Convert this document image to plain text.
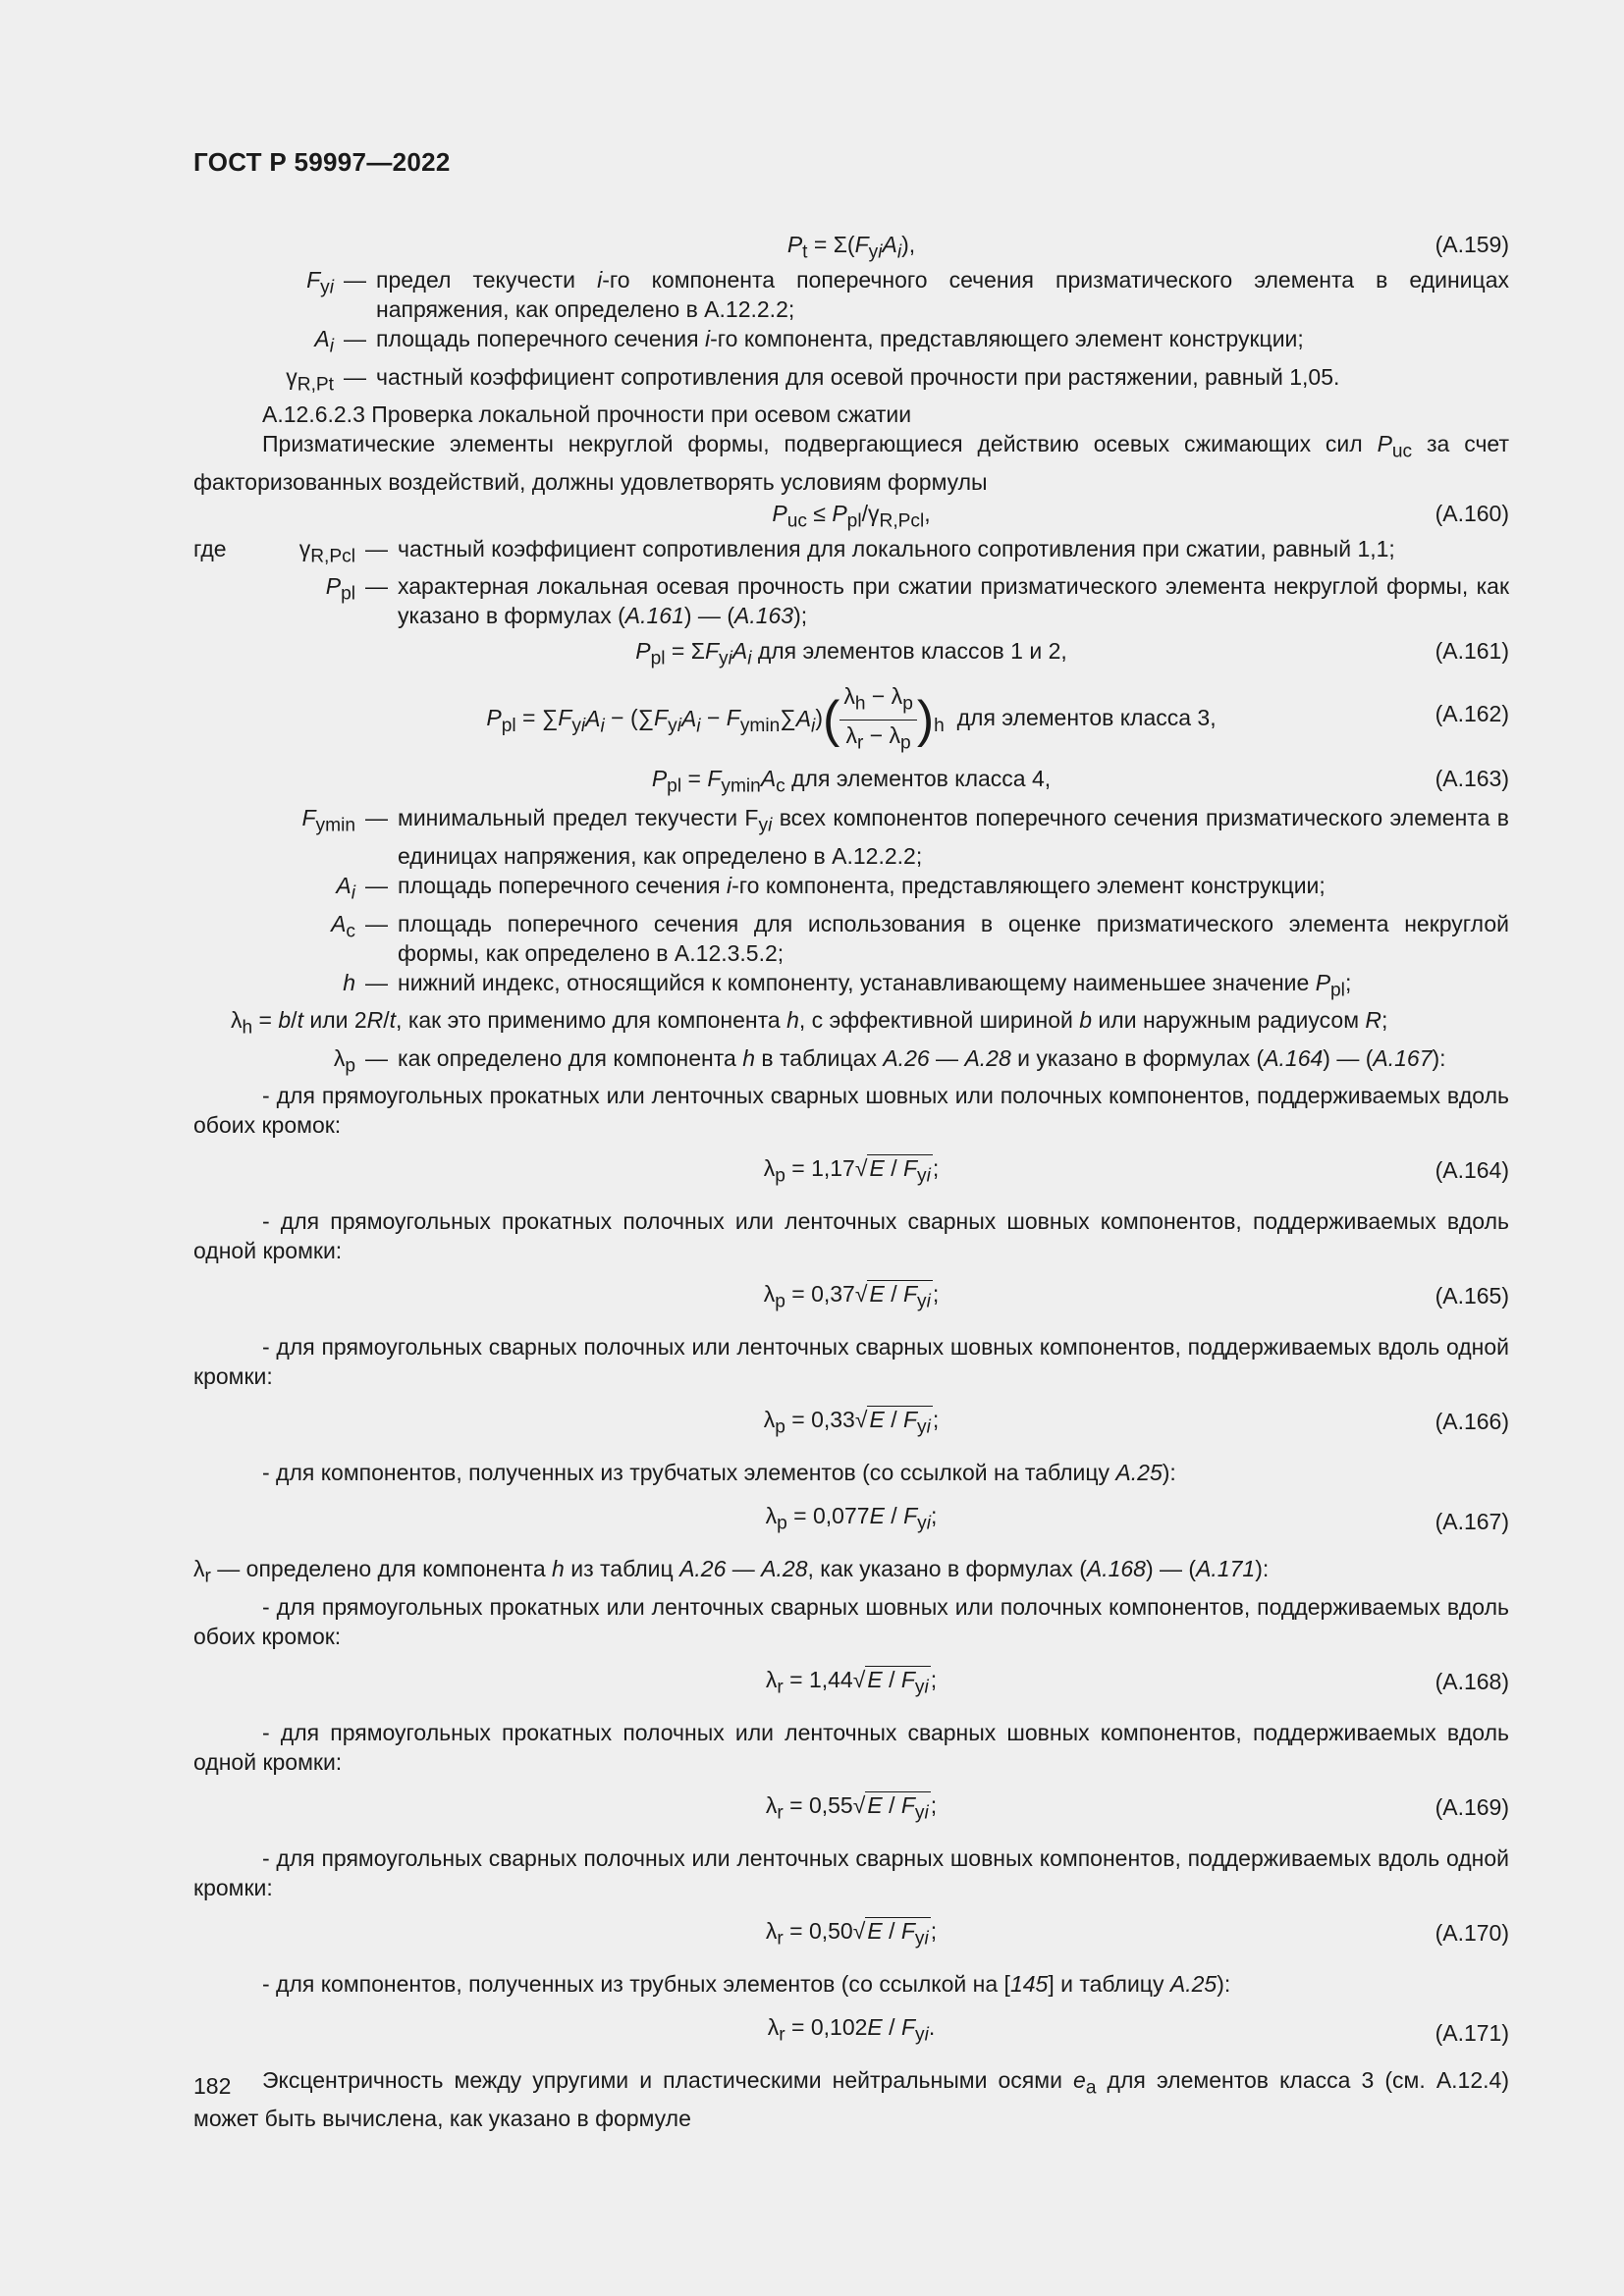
ГОСТ Р 59997—2022
$P_t = \Sigma(F_{yi}A_i)$,	(A.159)
$F_{yi}$ — предел текучести i-го компонента поперечного сечения призматического элемента в единицах напряжения, как определено в А.12.2.2;
$A_i$ — площадь поперечного сечения i-го компонента, представляющего элемент конструкции;
$\gamma_{R,Pt}$ — частный коэффициент сопротивления для осевой прочности при растяжении, равный 1,05.

А.12.6.2.3 Проверка локальной прочности при осевом сжатии

Призматические элементы некруглой формы, подвергающиеся действию осевых сжимающих сил $P_{uc}$ за счет факторизованных воздействий, должны удовлетворять условиям формулы

$P_{uc} \le P_{pl}/\gamma_{R,Pcl}$,	(A.160)
где	$\gamma_{R,Pcl}$ — частный коэффициент сопротивления для локального сопротивления при сжатии, равный 1,1;
$P_{pl}$ — характерная локальная осевая прочность при сжатии призматического элемента некруглой формы, как указано в формулах (A.161) — (A.163);
$P_{pl} = \Sigma F_{yi}A_i$ для элементов классов 1 и 2,	(A.161)
$P_{pl} = \sum F_{yi}A_i - (\sum F_{yi}A_i - F_{ymin}\sum A_i)( \frac{\lambda_h - \lambda_p}{\lambda_r - \lambda_p} )_h$ для элементов класса 3,	(A.162)
$P_{pl} = F_{ymin}A_c$ для элементов класса 4,	(A.163)
$F_{ymin}$ — минимальный предел текучести $F_{yi}$ всех компонентов поперечного сечения призматического элемента в единицах напряжения, как определено в А.12.2.2;
$A_i$ — площадь поперечного сечения i-го компонента, представляющего элемент конструкции;
$A_c$ — площадь поперечного сечения для использования в оценке призматического элемента некруглой формы, как определено в А.12.3.5.2;
h — нижний индекс, относящийся к компоненту, устанавливающему наименьшее значение $P_{pl}$;

$\lambda_h = b/t$ или 2R/t, как это применимо для компонента h, с эффективной шириной b или наружным радиусом R;

$\lambda_p$ — как определено для компонента h в таблицах A.26 — A.28 и указано в формулах (A.164) — (A.167):

- для прямоугольных прокатных или ленточных сварных шовных или полочных компонентов, поддерживаемых вдоль обоих кромок:

$\lambda_p = 1,17√E / F_{yi}$;	(A.164)

- для прямоугольных прокатных полочных или ленточных сварных шовных компонентов, поддерживаемых вдоль одной кромки:

$\lambda_p = 0,37√E / F_{yi}$;	(A.165)

- для прямоугольных сварных полочных или ленточных сварных шовных компонентов, поддерживаемых вдоль одной кромки:

$\lambda_p = 0,33√E / F_{yi}$;	(A.166)

- для компонентов, полученных из трубчатых элементов (со ссылкой на таблицу A.25):

$\lambda_p = 0,077E / F_{yi}$;	(A.167)

$\lambda_r$ — определено для компонента h из таблиц A.26 — A.28, как указано в формулах (A.168) — (A.171):

- для прямоугольных прокатных или ленточных сварных шовных или полочных компонентов, поддерживаемых вдоль обоих кромок:

$\lambda_r = 1,44√E / F_{yi}$;	(A.168)

- для прямоугольных прокатных полочных или ленточных сварных шовных компонентов, поддерживаемых вдоль одной кромки:

$\lambda_r = 0,55√E / F_{yi}$;	(A.169)

- для прямоугольных сварных полочных или ленточных сварных шовных компонентов, поддерживаемых вдоль одной кромки:

$\lambda_r = 0,50√E / F_{yi}$;	(A.170)

- для компонентов, полученных из трубных элементов (со ссылкой на [145] и таблицу A.25):

$\lambda_r = 0,102E / F_{yi}$.	(A.171)

Эксцентричность между упругими и пластическими нейтральными осями $e_a$ для элементов класса 3 (см. А.12.4) может быть вычислена, как указано в формуле

182
